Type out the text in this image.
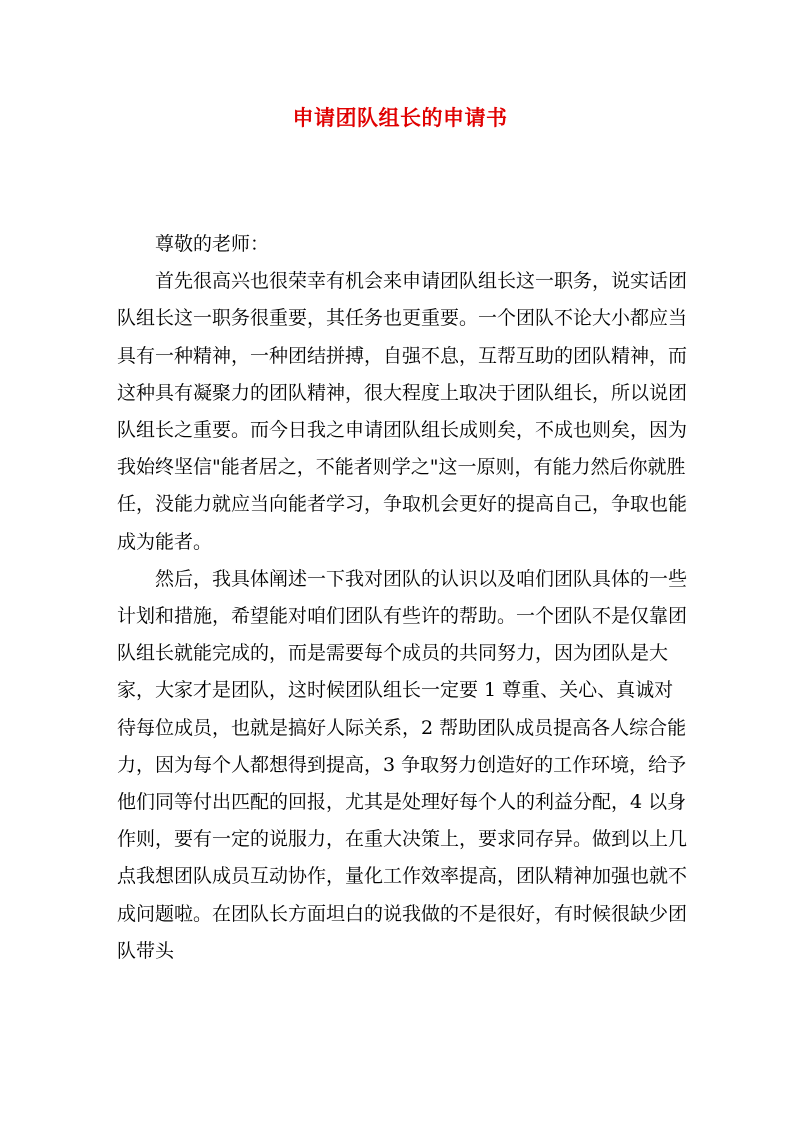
申请团队组长的申请书

尊敬的老师：

首先很高兴也很荣幸有机会来申请团队组长这一职务，说实话团队组长这一职务很重要，其任务也更重要。一个团队不论大小都应当具有一种精神，一种团结拼搏，自强不息，互帮互助的团队精神，而这种具有凝聚力的团队精神，很大程度上取决于团队组长，所以说团队组长之重要。而今日我之申请团队组长成则矣，不成也则矣，因为我始终坚信"能者居之，不能者则学之"这一原则，有能力然后你就胜任，没能力就应当向能者学习，争取机会更好的提高自己，争取也能成为能者。

然后，我具体阐述一下我对团队的认识以及咱们团队具体的一些计划和措施，希望能对咱们团队有些许的帮助。一个团队不是仅靠团队组长就能完成的，而是需要每个成员的共同努力，因为团队是大家，大家才是团队，这时候团队组长一定要 1 尊重、关心、真诚对待每位成员，也就是搞好人际关系，2 帮助团队成员提高各人综合能力，因为每个人都想得到提高，3 争取努力创造好的工作环境，给予他们同等付出匹配的回报，尤其是处理好每个人的利益分配，4 以身作则，要有一定的说服力，在重大决策上，要求同存异。做到以上几点我想团队成员互动协作，量化工作效率提高，团队精神加强也就不成问题啦。在团队长方面坦白的说我做的不是很好，有时候很缺少团队带头
